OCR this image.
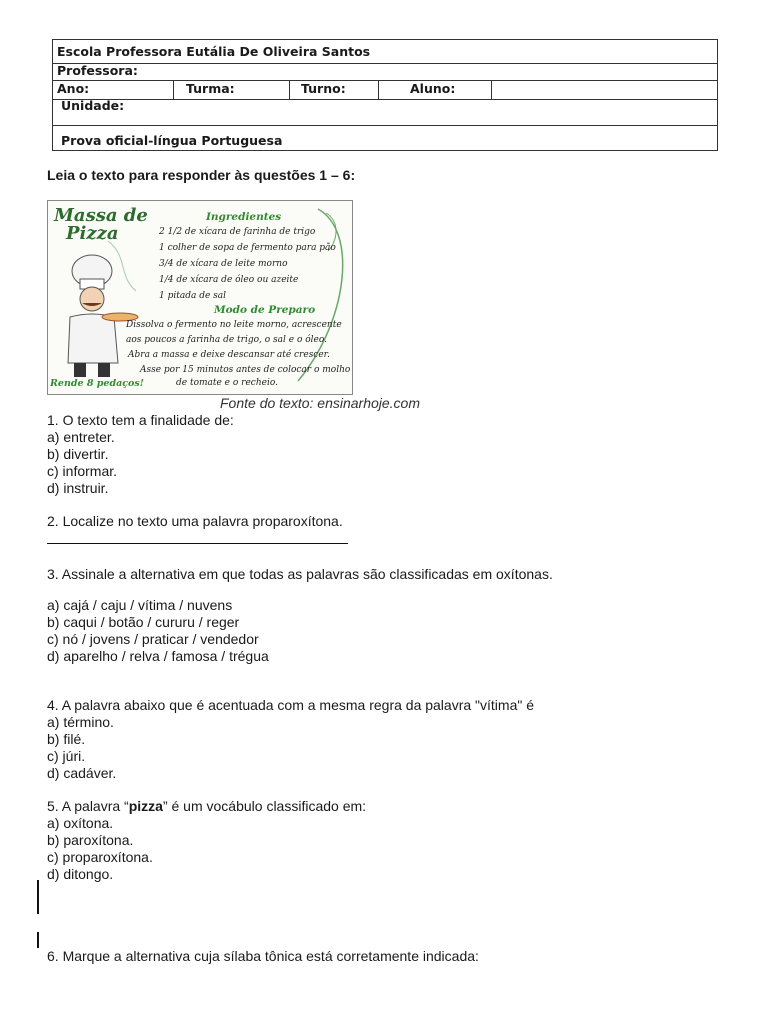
Escola Professora Eutália De Oliveira Santos
Professora:
Ano:	Turma:	Turno:	Aluno:
Unidade:
Prova oficial-língua Portuguesa
Leia o texto para responder às questões 1 – 6:
Massa de
Pizza
Ingredientes
2 1/2 de xícara de farinha de trigo
1 colher de sopa de fermento para pão
3/4 de xícara de leite morno
1/4 de xícara de óleo ou azeite
1 pitada de sal
Modo de Preparo
Dissolva o fermento no leite morno, acrescente
aos poucos a farinha de trigo, o sal e o óleo.
Abra a massa e deixe descansar até crescer.
Asse por 15 minutos antes de colocar o molho
de tomate e o recheio.
Rende 8 pedaços!
Fonte do texto: ensinarhoje.com
1. O texto tem a finalidade de:
a) entreter.
b) divertir.
c) informar.
d) instruir.
2. Localize no texto uma palavra proparoxítona.
3. Assinale a alternativa em que todas as palavras são classificadas em oxítonas.
a) cajá / caju / vítima / nuvens
b) caqui / botão / cururu / reger
c) nó / jovens / praticar / vendedor
d) aparelho / relva / famosa / trégua
4. A palavra abaixo que é acentuada com a mesma regra da palavra "vítima" é
a) término.
b) filé.
c) júri.
d) cadáver.
5. A palavra “pizza” é um vocábulo classificado em:
a) oxítona.
b) paroxítona.
c) proparoxítona.
d) ditongo.
6. Marque a alternativa cuja sílaba tônica está corretamente indicada:
